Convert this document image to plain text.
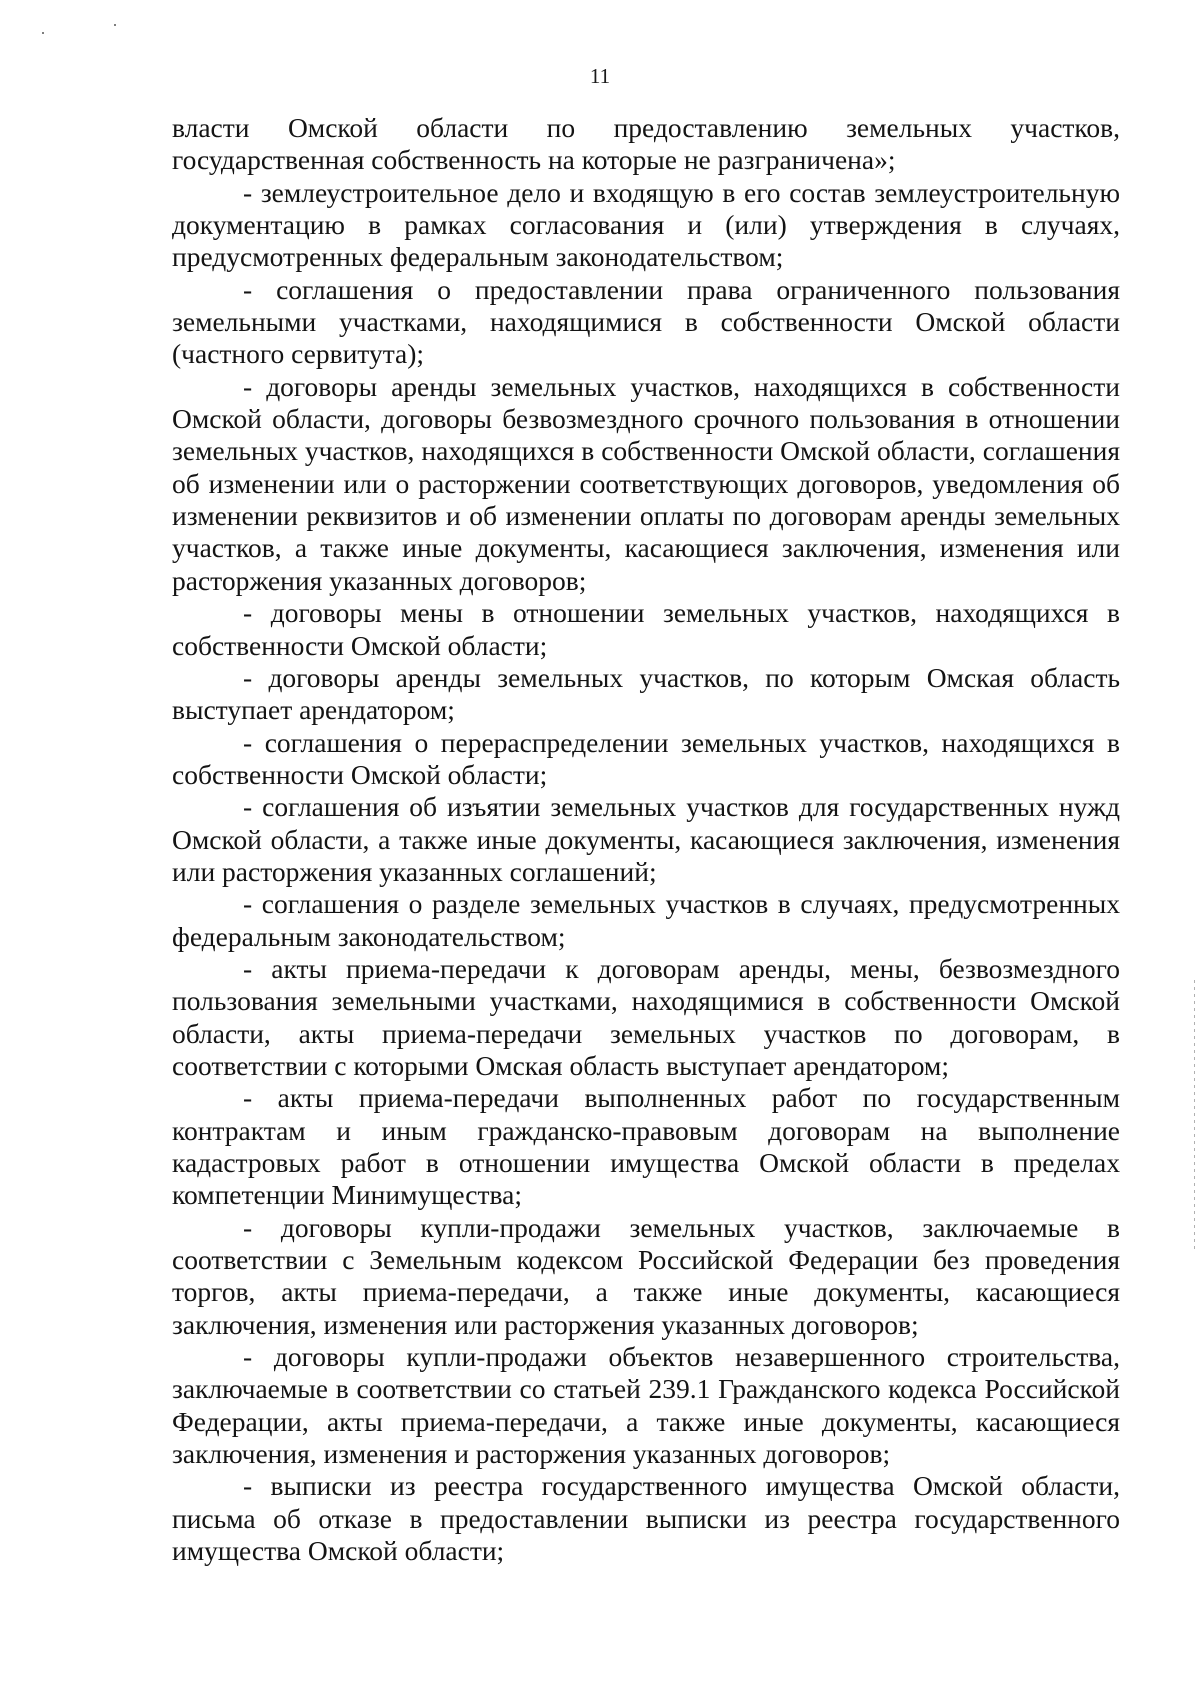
11

власти Омской области по предоставлению земельных участков, государственная собственность на которые не разграничена»;

- землеустроительное дело и входящую в его состав землеустроительную документацию в рамках согласования и (или) утверждения в случаях, предусмотренных федеральным законодательством;

- соглашения о предоставлении права ограниченного пользования земельными участками, находящимися в собственности Омской области (частного сервитута);

- договоры аренды земельных участков, находящихся в собственности Омской области, договоры безвозмездного срочного пользования в отношении земельных участков, находящихся в собственности Омской области, соглашения об изменении или о расторжении соответствующих договоров, уведомления об изменении реквизитов и об изменении оплаты по договорам аренды земельных участков, а также иные документы, касающиеся заключения, изменения или расторжения указанных договоров;

- договоры мены в отношении земельных участков, находящихся в собственности Омской области;

- договоры аренды земельных участков, по которым Омская область выступает арендатором;

- соглашения о перераспределении земельных участков, находящихся в собственности Омской области;

- соглашения об изъятии земельных участков для государственных нужд Омской области, а также иные документы, касающиеся заключения, изменения или расторжения указанных соглашений;

- соглашения о разделе земельных участков в случаях, предусмотренных федеральным законодательством;

- акты приема-передачи к договорам аренды, мены, безвозмездного пользования земельными участками, находящимися в собственности Омской области, акты приема-передачи земельных участков по договорам, в соответствии с которыми Омская область выступает арендатором;

- акты приема-передачи выполненных работ по государственным контрактам и иным гражданско-правовым договорам на выполнение кадастровых работ в отношении имущества Омской области в пределах компетенции Минимущества;

- договоры купли-продажи земельных участков, заключаемые в соответствии с Земельным кодексом Российской Федерации без проведения торгов, акты приема-передачи, а также иные документы, касающиеся заключения, изменения или расторжения указанных договоров;

- договоры купли-продажи объектов незавершенного строительства, заключаемые в соответствии со статьей 239.1 Гражданского кодекса Российской Федерации, акты приема-передачи, а также иные документы, касающиеся заключения, изменения и расторжения указанных договоров;

- выписки из реестра государственного имущества Омской области, письма об отказе в предоставлении выписки из реестра государственного имущества Омской области;
